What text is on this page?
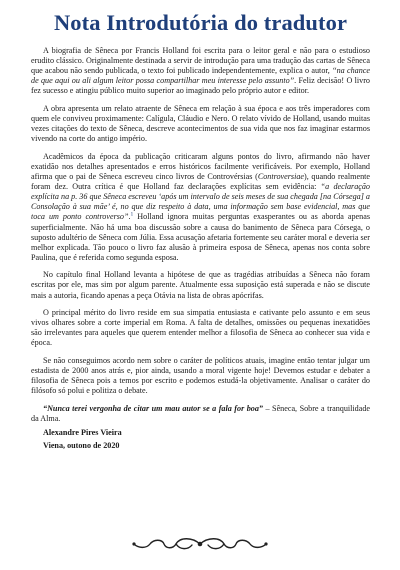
Nota Introdutória do tradutor

A biografia de Sêneca por Francis Holland foi escrita para o leitor geral e não para o estudioso erudito clássico. Originalmente destinada a servir de introdução para uma tradução das cartas de Sêneca que acabou não sendo publicada, o texto foi publicado independentemente, explica o autor, “na chance de que aqui ou ali algum leitor possa compartilhar meu interesse pelo assunto”. Feliz decisão! O livro fez sucesso e atingiu público muito superior ao imaginado pelo próprio autor e editor.

A obra apresenta um relato atraente de Sêneca em relação à sua época e aos três imperadores com quem ele conviveu proximamente: Calígula, Cláudio e Nero. O relato vívido de Holland, usando muitas vezes citações do texto de Sêneca, descreve acontecimentos de sua vida que nos faz imaginar estarmos vivendo na corte do antigo império.

Acadêmicos da época da publicação criticaram alguns pontos do livro, afirmando não haver exatidão nos detalhes apresentados e erros históricos facilmente verificáveis. Por exemplo, Holland afirma que o pai de Sêneca escreveu cinco livros de Controvérsias (Controversiae), quando realmente foram dez. Outra crítica é que Holland faz declarações explícitas sem evidência: “a declaração explícita na p. 36 que Sêneca escreveu ‘após um intervalo de seis meses de sua chegada [na Córsega] a Consolação à sua mãe’ é, no que diz respeito à data, uma informação sem base evidencial, mas que toca um ponto controverso”.$^1$ Holland ignora muitas perguntas exasperantes ou as aborda apenas superficialmente. Não há uma boa discussão sobre a causa do banimento de Sêneca para Córsega, o suposto adultério de Sêneca com Júlia. Essa acusação afetaria fortemente seu caráter moral e deveria ser melhor explicada. Tão pouco o livro faz alusão à primeira esposa de Sêneca, apenas nos conta sobre Paulina, que é referida como segunda esposa.

No capítulo final Holland levanta a hipótese de que as tragédias atribuídas a Sêneca não foram escritas por ele, mas sim por algum parente. Atualmente essa suposição está superada e não se discute mais a autoria, ficando apenas a peça Otávia na lista de obras apócrifas.

O principal mérito do livro reside em sua simpatia entusiasta e cativante pelo assunto e em seus vivos olhares sobre a corte imperial em Roma. A falta de detalhes, omissões ou pequenas inexatidões são irrelevantes para aqueles que querem entender melhor a filosofia de Sêneca ao conhecer sua vida e época.

Se não conseguimos acordo nem sobre o caráter de políticos atuais, imagine então tentar julgar um estadista de 2000 anos atrás e, pior ainda, usando a moral vigente hoje! Devemos estudar e debater a filosofia de Sêneca pois a temos por escrito e podemos estudá-la objetivamente. Analisar o caráter do filósofo só polui e politiza o debate.

“Nunca terei vergonha de citar um mau autor se a fala for boa” – Sêneca, Sobre a tranquilidade da Alma.

Alexandre Pires Vieira
Viena, outono de 2020
